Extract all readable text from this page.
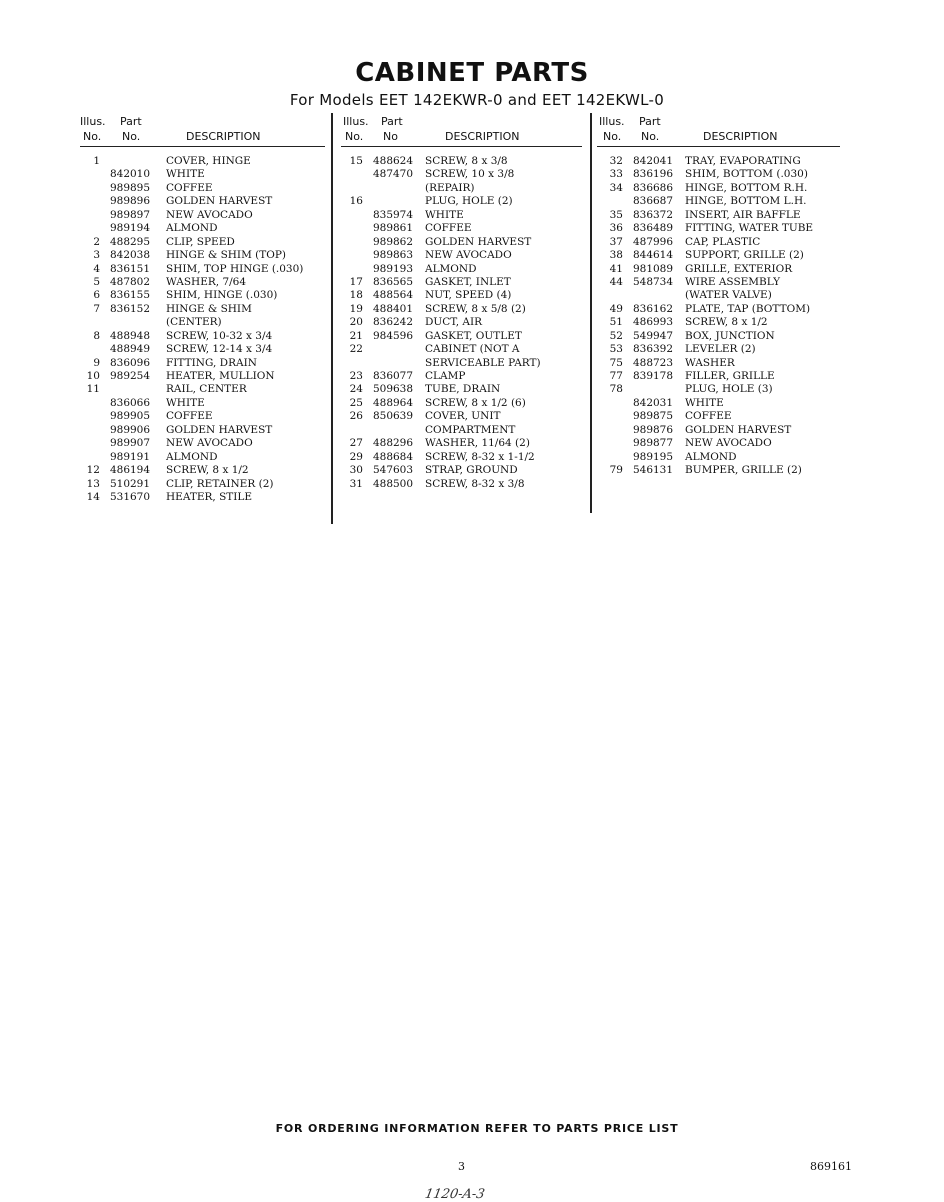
CABINET PARTS
For Models EET 142EKWR-0 and EET 142EKWL-0
Illus.
No.
Part
No.	DESCRIPTION
1	COVER, HINGE
842010	WHITE
989895	COFFEE
989896	GOLDEN HARVEST
989897	NEW AVOCADO
989194	ALMOND
2 488295	CLIP, SPEED
3 842038	HINGE & SHIM (TOP)
4 836151	SHIM, TOP HINGE (.030)
5 487802	WASHER, 7/64
6 836155	SHIM, HINGE (.030)
7 836152	HINGE & SHIM
(CENTER)
8 488948	SCREW, 10-32 x 3/4
488949	SCREW, 12-14 x 3/4
9 836096	FITTING, DRAIN
10 989254	HEATER, MULLION
11	RAIL, CENTER
836066	WHITE
989905	COFFEE
989906	GOLDEN HARVEST
989907	NEW AVOCADO
989191	ALMOND
12 486194	SCREW, 8 x 1/2
13 510291	CLIP, RETAINER (2)
14 531670	HEATER, STILE
Illus.
No.
Part
No	DESCRIPTION
15 488624	SCREW, 8 x 3/8
487470	SCREW, 10 x 3/8
(REPAIR)
16	PLUG, HOLE (2)
835974	WHITE
989861	COFFEE
989862	GOLDEN HARVEST
989863	NEW AVOCADO
989193	ALMOND
17 836565	GASKET, INLET
18 488564	NUT, SPEED (4)
19 488401	SCREW, 8 x 5/8 (2)
20 836242	DUCT, AIR
21 984596	GASKET, OUTLET
22	CABINET (NOT A
SERVICEABLE PART)
23 836077	CLAMP
24 509638	TUBE, DRAIN
25 488964	SCREW, 8 x 1/2 (6)
26 850639	COVER, UNIT
COMPARTMENT
27 488296	WASHER, 11/64 (2)
29 488684	SCREW, 8-32 x 1-1/2
30 547603	STRAP, GROUND
31 488500	SCREW, 8-32 x 3/8
Illus.
No.
Part
No.	DESCRIPTION
32 842041	TRAY, EVAPORATING
33 836196	SHIM, BOTTOM (.030)
34 836686	HINGE, BOTTOM R.H.
836687	HINGE, BOTTOM L.H.
35 836372	INSERT, AIR BAFFLE
36 836489	FITTING, WATER TUBE
37 487996	CAP, PLASTIC
38 844614	SUPPORT, GRILLE (2)
41 981089	GRILLE, EXTERIOR
44 548734	WIRE ASSEMBLY
(WATER VALVE)
49 836162	PLATE, TAP (BOTTOM)
51 486993	SCREW, 8 x 1/2
52 549947	BOX, JUNCTION
53 836392	LEVELER (2)
75 488723	WASHER
77 839178	FILLER, GRILLE
78	PLUG, HOLE (3)
842031	WHITE
989875	COFFEE
989876	GOLDEN HARVEST
989877	NEW AVOCADO
989195	ALMOND
79 546131	BUMPER, GRILLE (2)
FOR ORDERING INFORMATION REFER TO PARTS PRICE LIST
3	869161
1120-A-3
